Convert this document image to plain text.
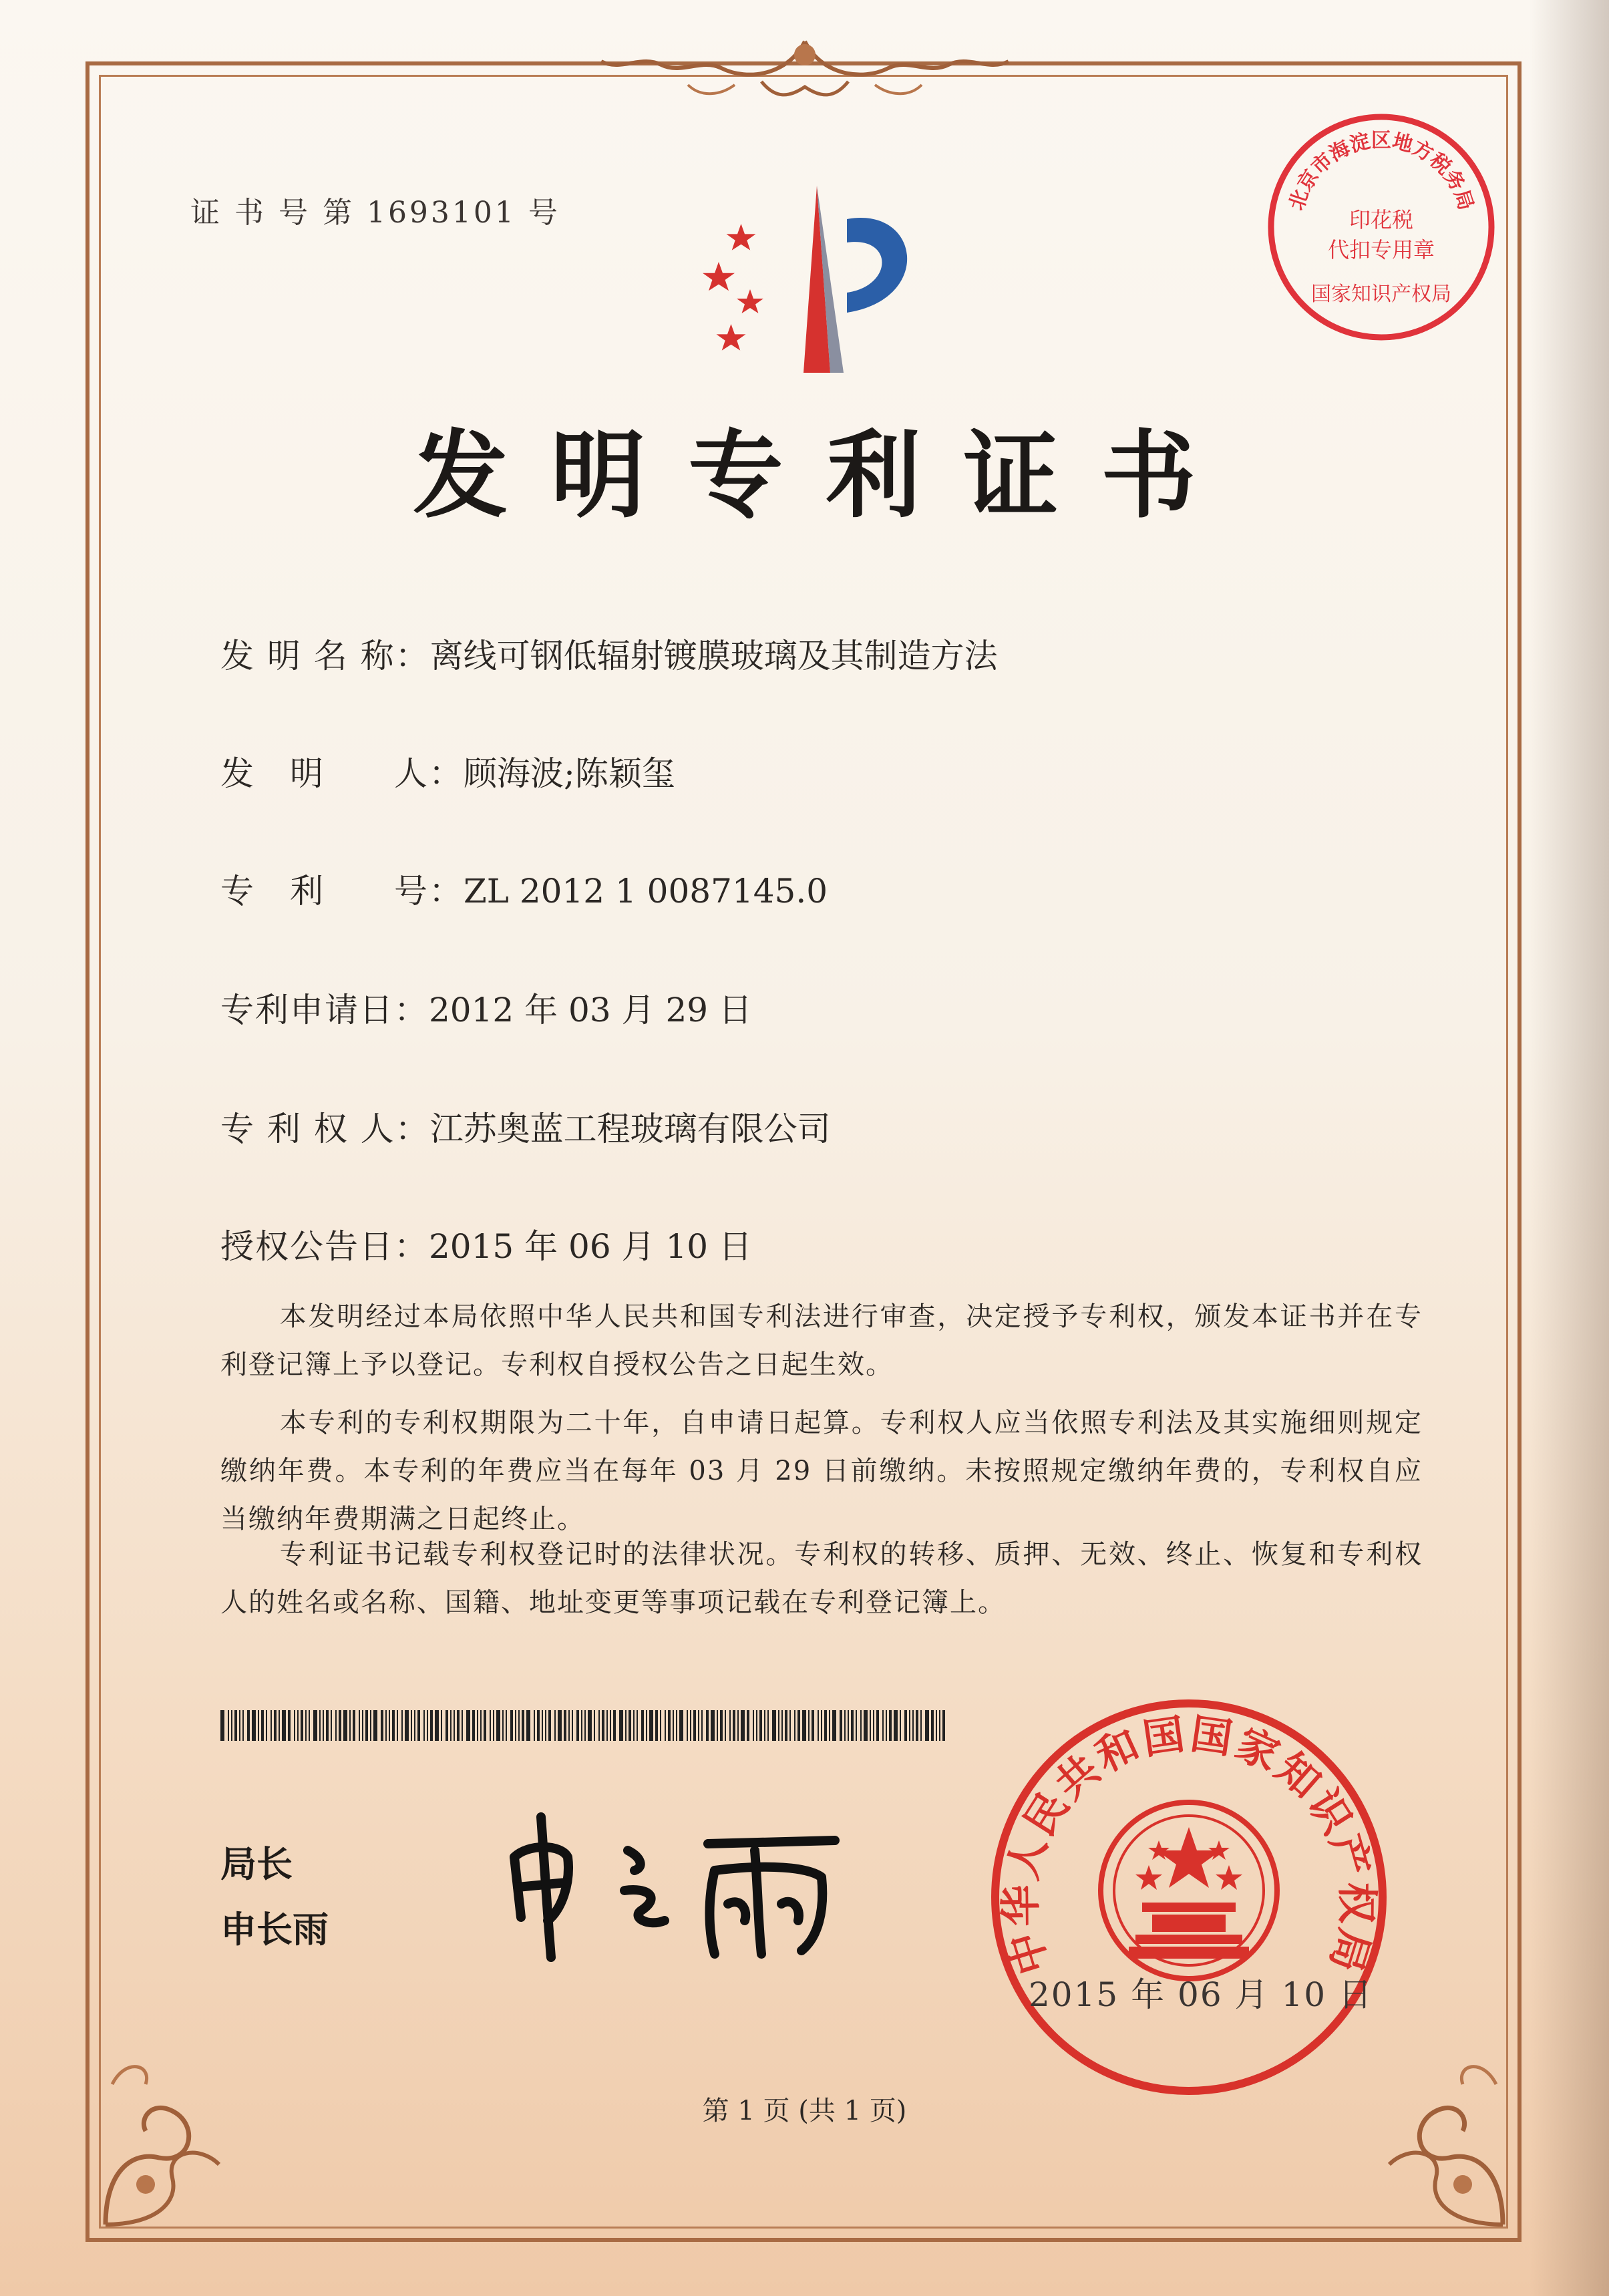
证 书 号 第 1693101 号	北京市海淀区地方税务局
印花税
代扣专用章
国家知识产权局
发明专利证书
发 明 名 称：离线可钢低辐射镀膜玻璃及其制造方法
发　明　　人：顾海波;陈颖玺
专　利　　号：ZL 2012 1 0087145.0
专利申请日：2012 年 03 月 29 日
专 利 权 人：江苏奥蓝工程玻璃有限公司
授权公告日：2015 年 06 月 10 日
本发明经过本局依照中华人民共和国专利法进行审查，决定授予专利权，颁发本证书并在专利登记簿上予以登记。专利权自授权公告之日起生效。
本专利的专利权期限为二十年，自申请日起算。专利权人应当依照专利法及其实施细则规定缴纳年费。本专利的年费应当在每年 03 月 29 日前缴纳。未按照规定缴纳年费的，专利权自应当缴纳年费期满之日起终止。
专利证书记载专利权登记时的法律状况。专利权的转移、质押、无效、终止、恢复和专利权人的姓名或名称、国籍、地址变更等事项记载在专利登记簿上。
局长
申长雨	中华人民共和国国家知识产权局
2015 年 06 月 10 日
第 1 页 (共 1 页)
